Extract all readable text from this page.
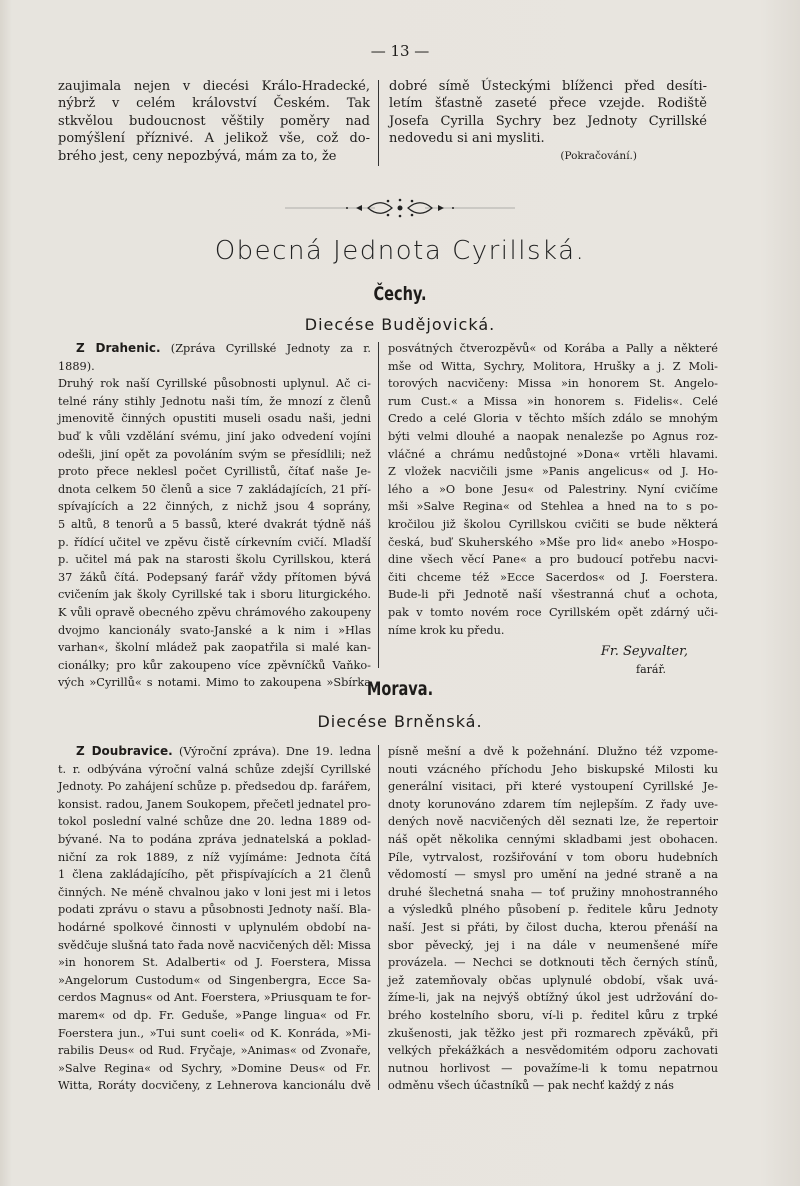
— 13 —
zaujimala nejen v diecési Králo-Hradecké,
nýbrž v celém království Českém. Tak
stkvělou budoucnost věštily poměry nad
pomýšlení příznivé. A jelikož vše, což do-
brého jest, ceny nepozbývá, mám za to, že
dobré símě Ústeckými blíženci před desíti-
letím šťastně zaseté přece vzejde. Rodiště
Josefa Cyrilla Sychry bez Jednoty Cyrillské
nedovedu si ani mysliti.

(Pokračování.)

Obecná Jednota Cyrillská.
Čechy.
Diecése Budějovická.
Z Drahenic. (Zpráva Cyrillské Jednoty za r. 1889).
Druhý rok naší Cyrillské působnosti uplynul. Ač ci-
telné rány stihly Jednotu naši tím, že mnozí z členů
jmenovitě činných opustiti museli osadu naši, jedni
buď k vůli vzdělání svému, jiní jako odvedení vojíni
odešli, jiní opět za povoláním svým se přesídlili; než
proto přece neklesl počet Cyrillistů, čítať naše Je-
dnota celkem 50 členů a sice 7 zakládajících, 21 pří-
spívajících a 22 činných, z nichž jsou 4 soprány,
5 altů, 8 tenorů a 5 bassů, které dvakrát týdně náš
p. řídící učitel ve zpěvu čistě církevním cvičí. Mladší
p. učitel má pak na starosti školu Cyrillskou, která
37 žáků čítá. Podepsaný farář vždy přítomen bývá
cvičením jak školy Cyrillské tak i sboru liturgického.
K vůli opravě obecného zpěvu chrámového zakoupeny
dvojmo kancionály svato-Janské a k nim i »Hlas
varhan«, školní mládež pak zaopatřila si malé kan-
cionálky; pro kůr zakoupeno více zpěvníčků Vaňko-
vých »Cyrillů« s notami. Mimo to zakoupena »Sbírka
posvátných čtverozpěvů« od Korába a Pally a některé
mše od Witta, Sychry, Molitora, Hrušky a j. Z Moli-
torových nacvičeny: Missa »in honorem St. Angelo-
rum Cust.« a Missa »in honorem s. Fidelis«. Celé
Credo a celé Gloria v těchto mších zdálo se mnohým
býti velmi dlouhé a naopak nenalezše po Agnus roz-
vláčné a chrámu nedůstojné »Dona« vrtěli hlavami.
Z vložek nacvičili jsme »Panis angelicus« od J. Ho-
lého a »O bone Jesu« od Palestriny. Nyní cvičíme
mši »Salve Regina« od Stehlea a hned na to s po-
kročilou již školou Cyrillskou cvičiti se bude některá
česká, buď Skuherského »Mše pro lid« anebo »Hospo-
dine všech věcí Pane« a pro budoucí potřebu nacvi-
čiti chceme též »Ecce Sacerdos« od J. Foerstera.
Bude-li při Jednotě naší všestranná chuť a ochota,
pak v tomto novém roce Cyrillském opět zdárný uči-
níme krok ku předu.

Fr. Seyvalter,

farář.

Morava.
Diecése Brněnská.
Z Doubravice. (Výroční zpráva). Dne 19. ledna
t. r. odbývána výroční valná schůze zdejší Cyrillské
Jednoty. Po zahájení schůze p. předsedou dp. farářem,
konsist. radou, Janem Soukopem, přečetl jednatel pro-
tokol poslední valné schůze dne 20. ledna 1889 od-
bývané. Na to podána zpráva jednatelská a poklad-
niční za rok 1889, z níž vyjímáme: Jednota čítá
1 člena zakládajícího, pět přispívajících a 21 členů
činných. Ne méně chvalnou jako v loni jest mi i letos
podati zprávu o stavu a působnosti Jednoty naší. Bla-
hodárné spolkové činnosti v uplynulém období na-
svědčuje slušná tato řada nově nacvičených děl: Missa
»in honorem St. Adalberti« od J. Foerstera, Missa
»Angelorum Custodum« od Singenbergra, Ecce Sa-
cerdos Magnus« od Ant. Foerstera, »Priusquam te for-
marem« od dp. Fr. Geduše, »Pange lingua« od Fr.
Foerstera jun., »Tui sunt coeli« od K. Konráda, »Mi-
rabilis Deus« od Rud. Fryčaje, »Animas« od Zvonaře,
»Salve Regina« od Sychry, »Domine Deus« od Fr.
Witta, Roráty docvičeny, z Lehnerova kancionálu dvě
písně mešní a dvě k požehnání. Dlužno též vzpome-
nouti vzácného příchodu Jeho biskupské Milosti ku
generální visitaci, při které vystoupení Cyrillské Je-
dnoty korunováno zdarem tím nejlepším. Z řady uve-
dených nově nacvičených děl seznati lze, že repertoir
náš opět několika cennými skladbami jest obohacen.
Píle, vytrvalost, rozšiřování v tom oboru hudebních
vědomostí — smysl pro umění na jedné straně a na
druhé šlechetná snaha — toť pružiny mnohostranného
a výsledků plného působení p. ředitele kůru Jednoty
naší. Jest si přáti, by čilost ducha, kterou přenáší na
sbor pěvecký, jej i na dále v neumenšené míře
provázela. — Nechci se dotknouti těch černých stínů,
jež zatemňovaly občas uplynulé období, však uvá-
žíme-li, jak na nejvýš obtížný úkol jest udržování do-
brého kostelního sboru, ví-li p. ředitel kůru z trpké
zkušenosti, jak těžko jest při rozmarech zpěváků, při
velkých překážkách a nesvědomitém odporu zachovati
nutnou horlivost — považíme-li k tomu nepatrnou
odměnu všech účastníků — pak nechť každý z nás
